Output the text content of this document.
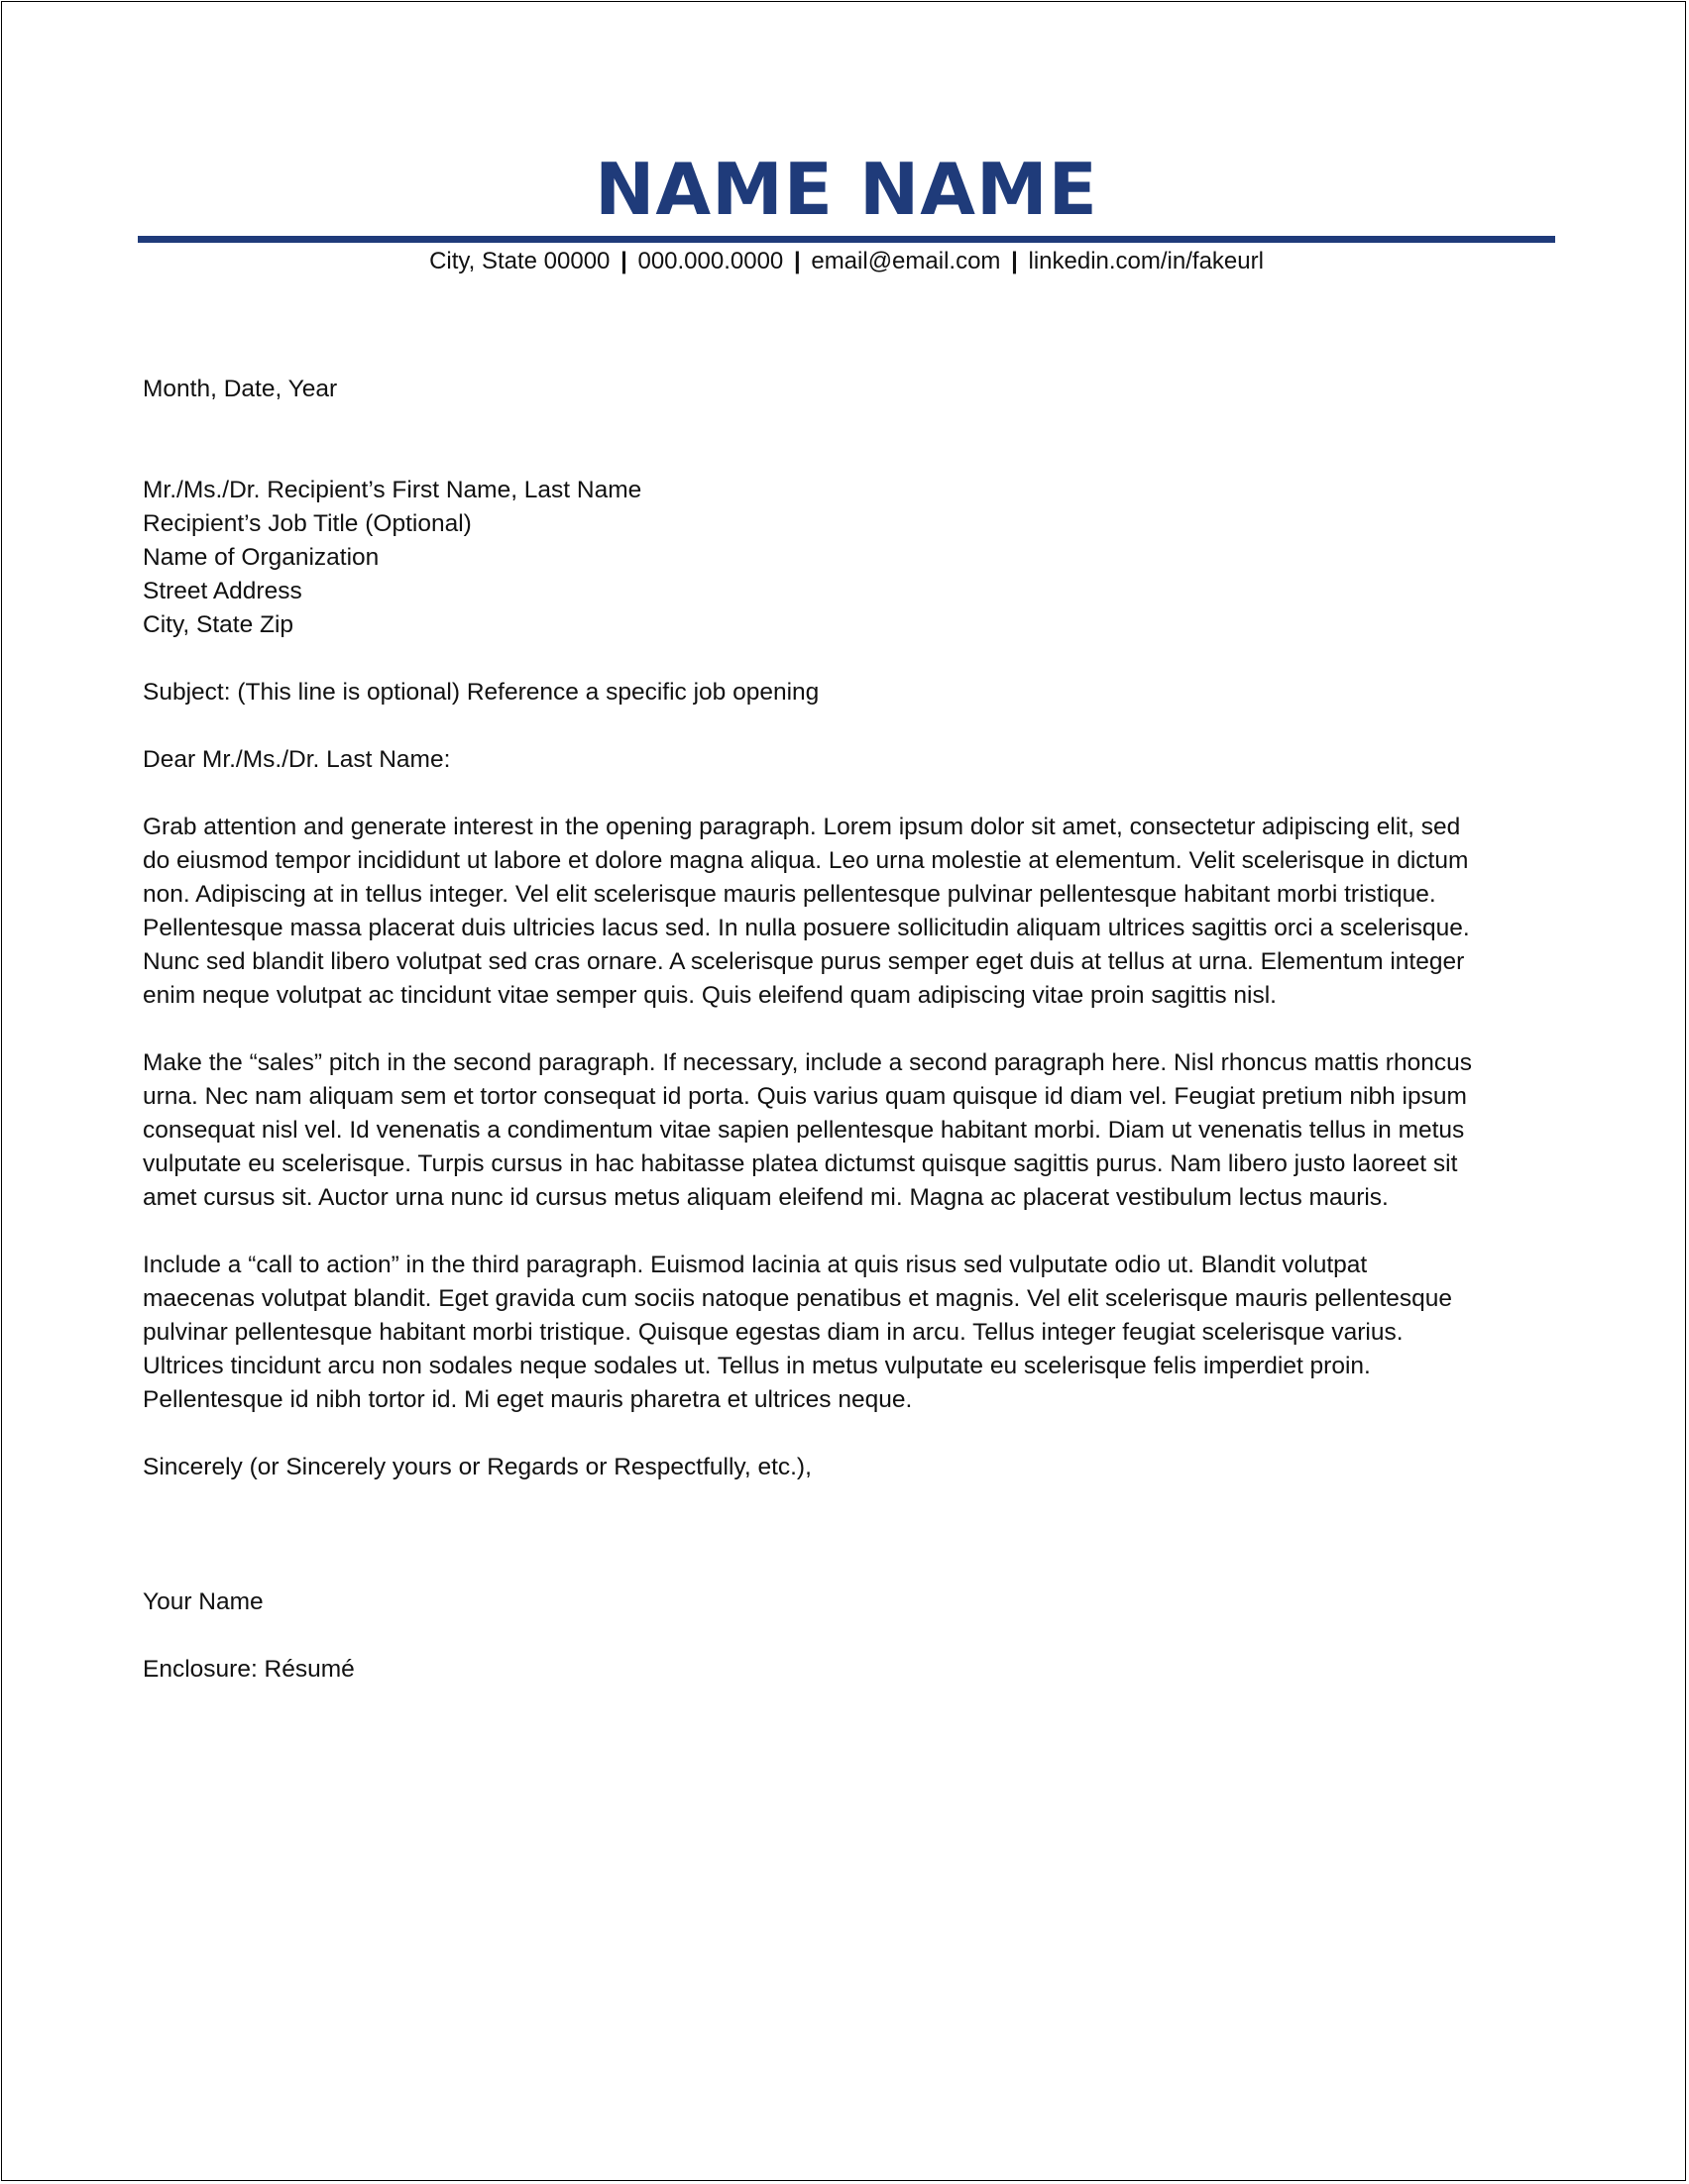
NAME NAME
City, State 00000 | 000.000.0000 | email@email.com | linkedin.com/in/fakeurl
Month, Date, Year
Mr./Ms./Dr. Recipient’s First Name, Last Name
Recipient’s Job Title (Optional)
Name of Organization
Street Address
City, State Zip
Subject: (This line is optional) Reference a specific job opening
Dear Mr./Ms./Dr. Last Name:
Grab attention and generate interest in the opening paragraph. Lorem ipsum dolor sit amet, consectetur adipiscing elit, sed
do eiusmod tempor incididunt ut labore et dolore magna aliqua. Leo urna molestie at elementum. Velit scelerisque in dictum
non. Adipiscing at in tellus integer. Vel elit scelerisque mauris pellentesque pulvinar pellentesque habitant morbi tristique.
Pellentesque massa placerat duis ultricies lacus sed. In nulla posuere sollicitudin aliquam ultrices sagittis orci a scelerisque.
Nunc sed blandit libero volutpat sed cras ornare. A scelerisque purus semper eget duis at tellus at urna. Elementum integer
enim neque volutpat ac tincidunt vitae semper quis. Quis eleifend quam adipiscing vitae proin sagittis nisl.
Make the “sales” pitch in the second paragraph. If necessary, include a second paragraph here. Nisl rhoncus mattis rhoncus
urna. Nec nam aliquam sem et tortor consequat id porta. Quis varius quam quisque id diam vel. Feugiat pretium nibh ipsum
consequat nisl vel. Id venenatis a condimentum vitae sapien pellentesque habitant morbi. Diam ut venenatis tellus in metus
vulputate eu scelerisque. Turpis cursus in hac habitasse platea dictumst quisque sagittis purus. Nam libero justo laoreet sit
amet cursus sit. Auctor urna nunc id cursus metus aliquam eleifend mi. Magna ac placerat vestibulum lectus mauris.
Include a “call to action” in the third paragraph. Euismod lacinia at quis risus sed vulputate odio ut. Blandit volutpat
maecenas volutpat blandit. Eget gravida cum sociis natoque penatibus et magnis. Vel elit scelerisque mauris pellentesque
pulvinar pellentesque habitant morbi tristique. Quisque egestas diam in arcu. Tellus integer feugiat scelerisque varius.
Ultrices tincidunt arcu non sodales neque sodales ut. Tellus in metus vulputate eu scelerisque felis imperdiet proin.
Pellentesque id nibh tortor id. Mi eget mauris pharetra et ultrices neque.
Sincerely (or Sincerely yours or Regards or Respectfully, etc.),
Your Name
Enclosure: Résumé
